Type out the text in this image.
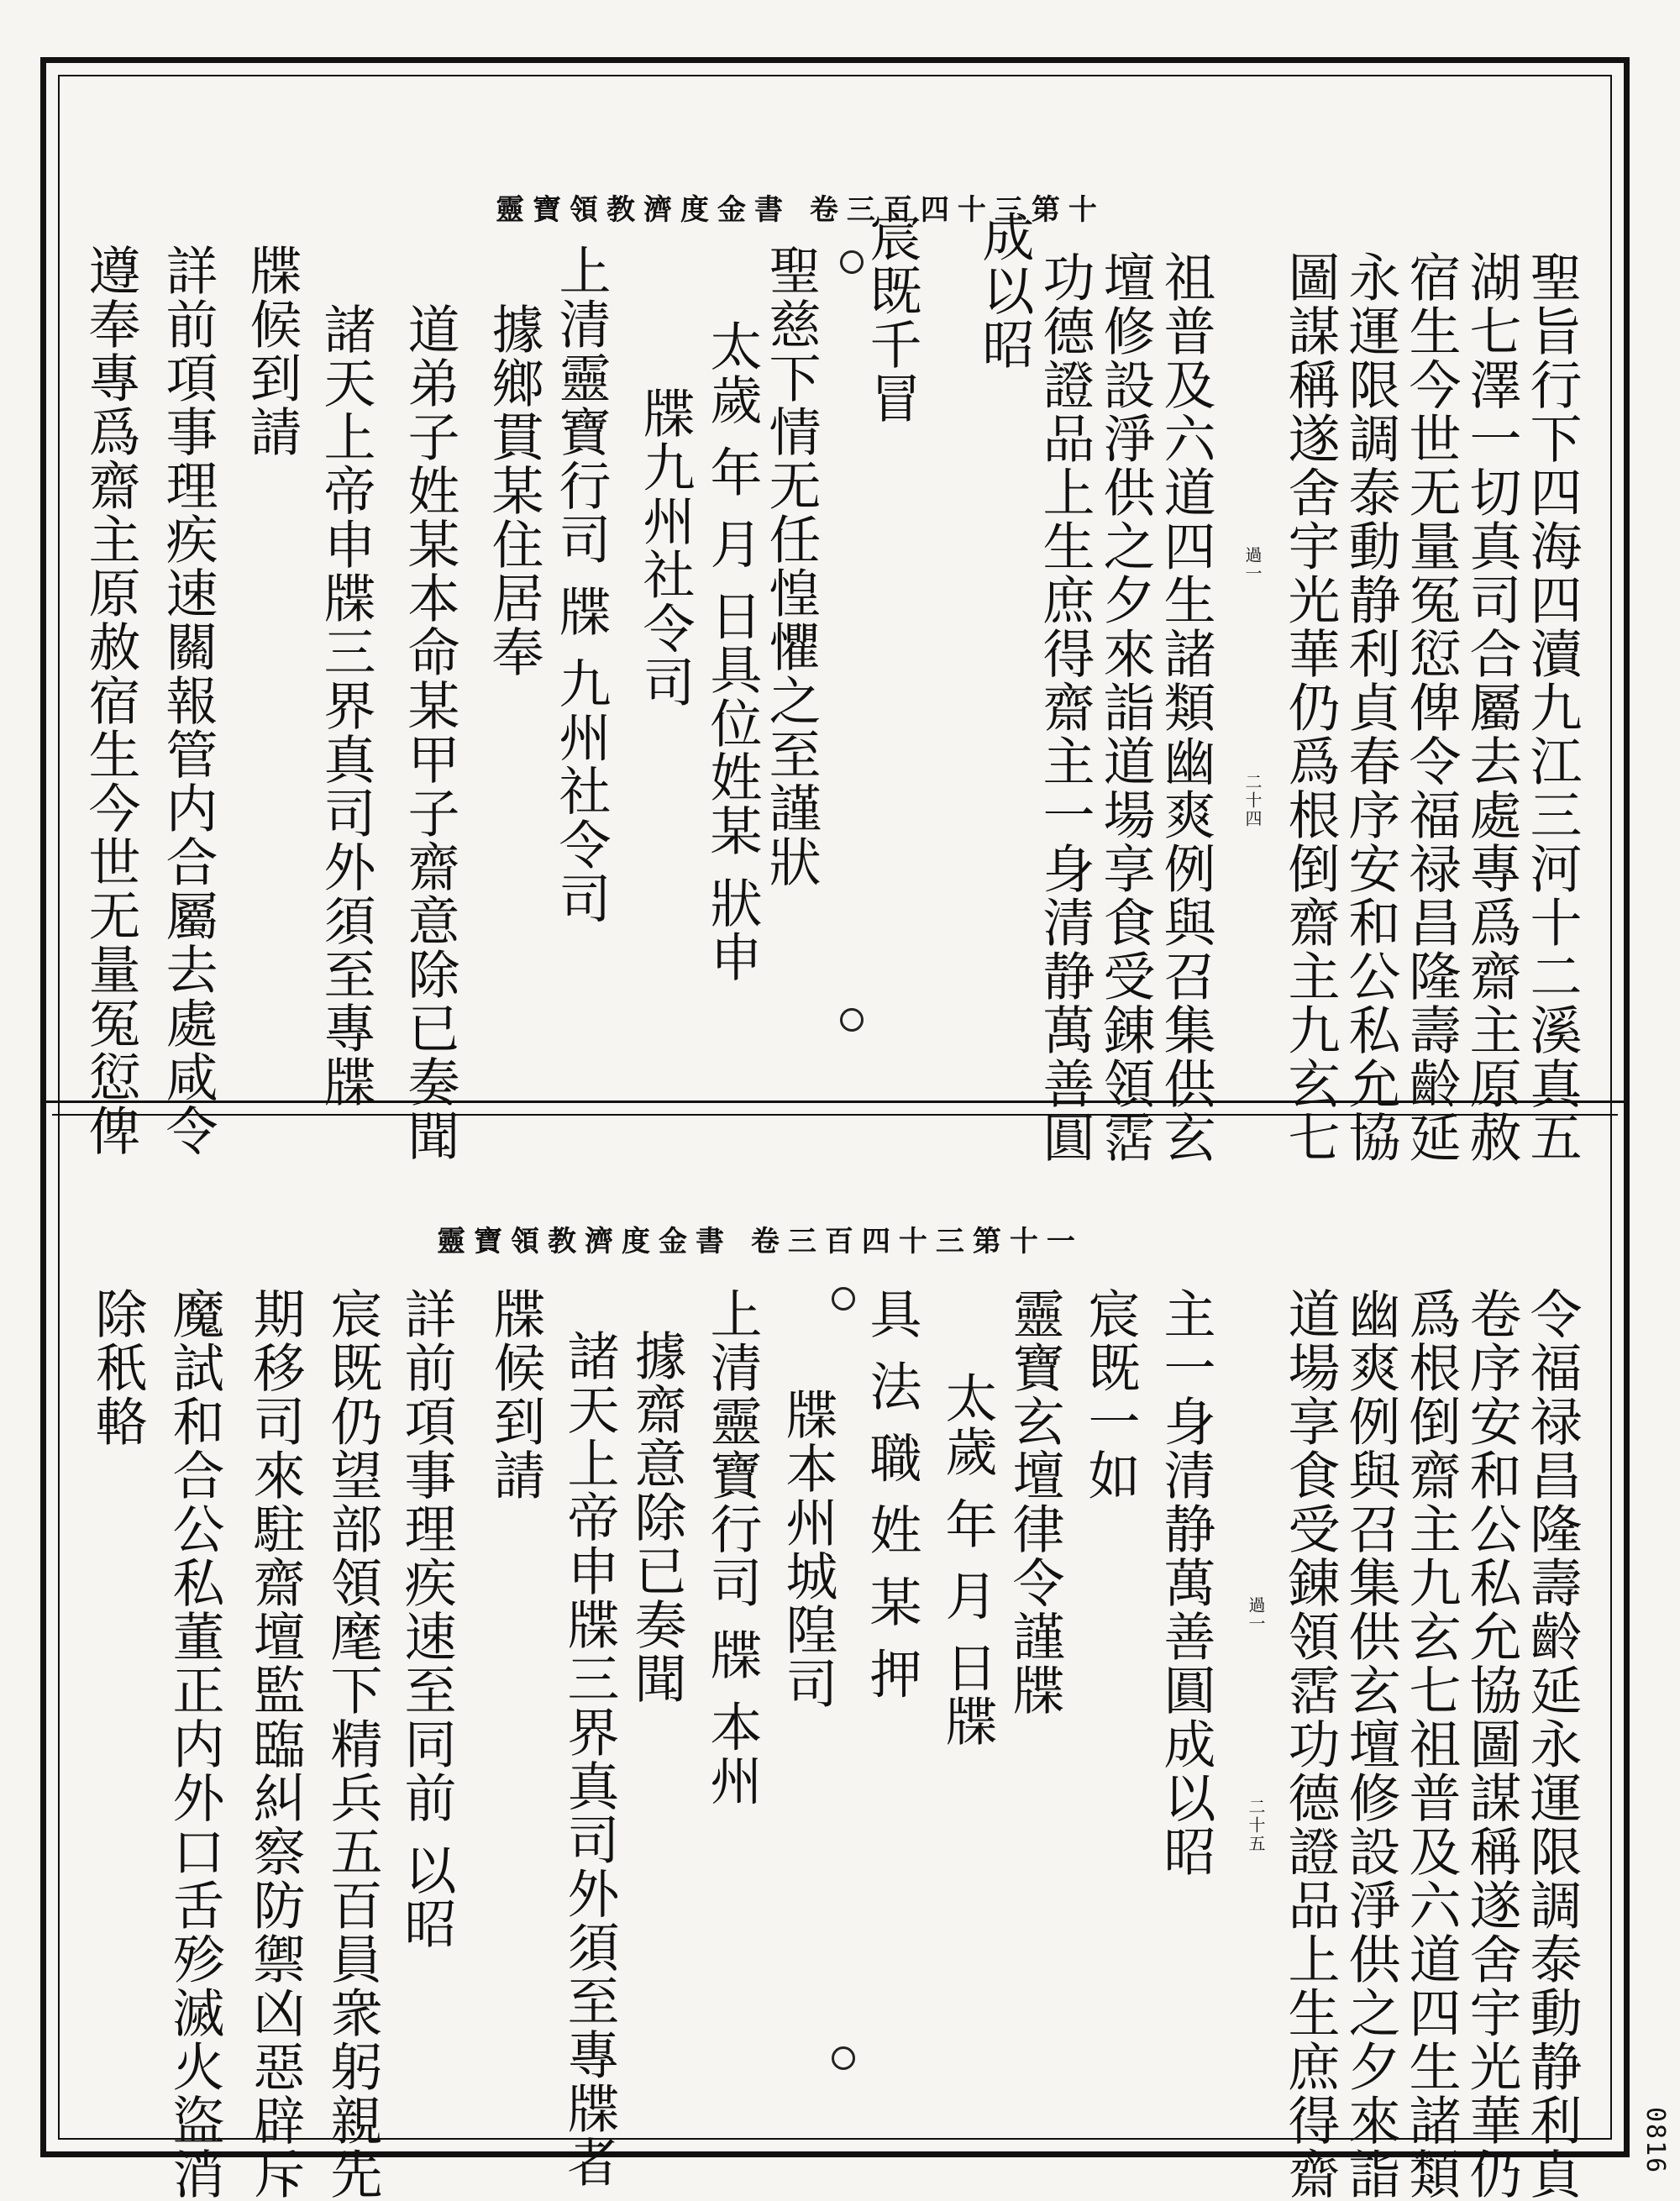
靈寶領教濟度金書 卷三百四十三第十
聖旨行下四海四瀆九江三河十二溪真五
湖七澤一切真司合屬去處專爲齋主原赦
宿生今世无量冤愆俾令福禄昌隆壽齡延
永運限調泰動静利貞春序安和公私允協
圖謀稱遂舍宇光華仍爲根倒齋主九玄七
祖普及六道四生諸類幽爽例與召集供玄
壇修設淨供之夕來詣道場享食受錬領霑
功德證品上生庶得齋主一身清静萬善圓
成以昭
宸既千冒
聖慈下情无任惶懼之至謹狀
太歲 年 月 日具位姓某 狀申
牒九州社令司
上清靈寶行司 牒 九州社令司
據鄉貫某住居奉
道弟子姓某本命某甲子齋意除已奏聞
諸天上帝申牒三界真司外須至專牒
牒候到請
詳前項事理疾速關報管内合屬去處咸令
遵奉專爲齋主原赦宿生今世无量冤愆俾	過一
二十四
靈寶領教濟度金書 卷三百四十三第十一
令福禄昌隆壽齡延永運限調泰動静利貞
卷序安和公私允協圖謀稱遂舍宇光華仍
爲根倒齋主九玄七祖普及六道四生諸類
幽爽例與召集供玄壇修設淨供之夕來詣
道場享食受錬領霑功德證品上生庶得齋
主一身清静萬善圓成以昭
宸既一如
靈寶玄壇律令謹牒
太歲 年 月 日牒
具 法 職 姓 某 押
牒本州城隍司
上清靈寶行司 牒 本州
據齋意除已奏聞
諸天上帝申牒三界真司外須至專牒者
牒候到請
詳前項事理疾速至同前 以昭
宸既仍望部領麾下精兵五百員衆躬親先
期移司來駐齋壇監臨糾察防禦凶惡辟斥
魔試和合公私董正内外口舌殄滅火盜消
除秖輅
過一
二十五
0816
